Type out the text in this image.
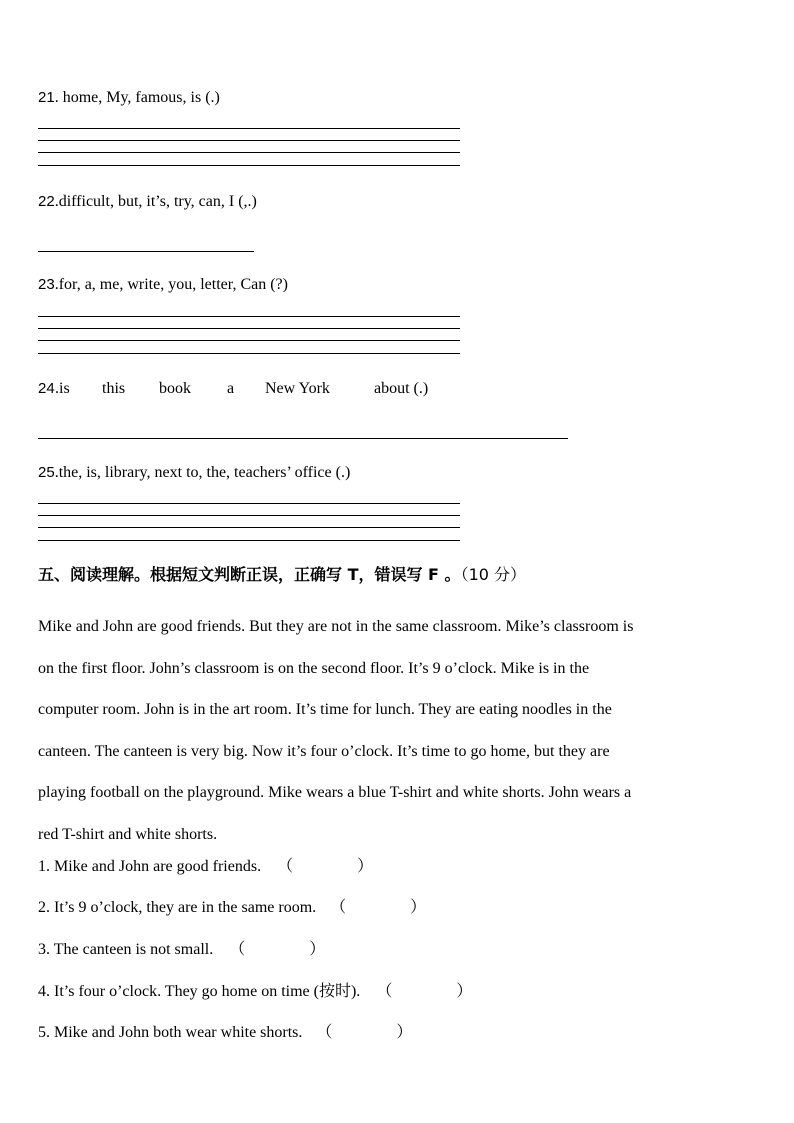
21. home, My, famous, is (.)
22.difficult, but, it’s, try, can, I (,.)
23.for, a, me, write, you, letter, Can (?)
24 .is this book a New York	about (.)
25.the, is, library, next to, the, teachers’ office (.)
五、阅读理解。根据短文判断正误，正确写 T，错误写 F 。（10 分）

Mike and John are good friends. But they are not in the same classroom. Mike’s classroom is

on the first floor. John’s classroom is on the second floor. It’s 9 o’clock. Mike is in the

computer room. John is in the art room. It’s time for lunch. They are eating noodles in the

canteen. The canteen is very big. Now it’s four o’clock. It’s time to go home, but they are

playing football on the playground. Mike wears a blue T-shirt and white shorts. John wears a

red T-shirt and white shorts.

1. Mike and John are good friends. （　　　　）
2. It’s 9 o’clock, they are in the same room. （　　　　）
3. The canteen is not small. （　　　　）
4. It’s four o’clock. They go home on time (按时). （　　　　）
5. Mike and John both wear white shorts. （　　　　）
